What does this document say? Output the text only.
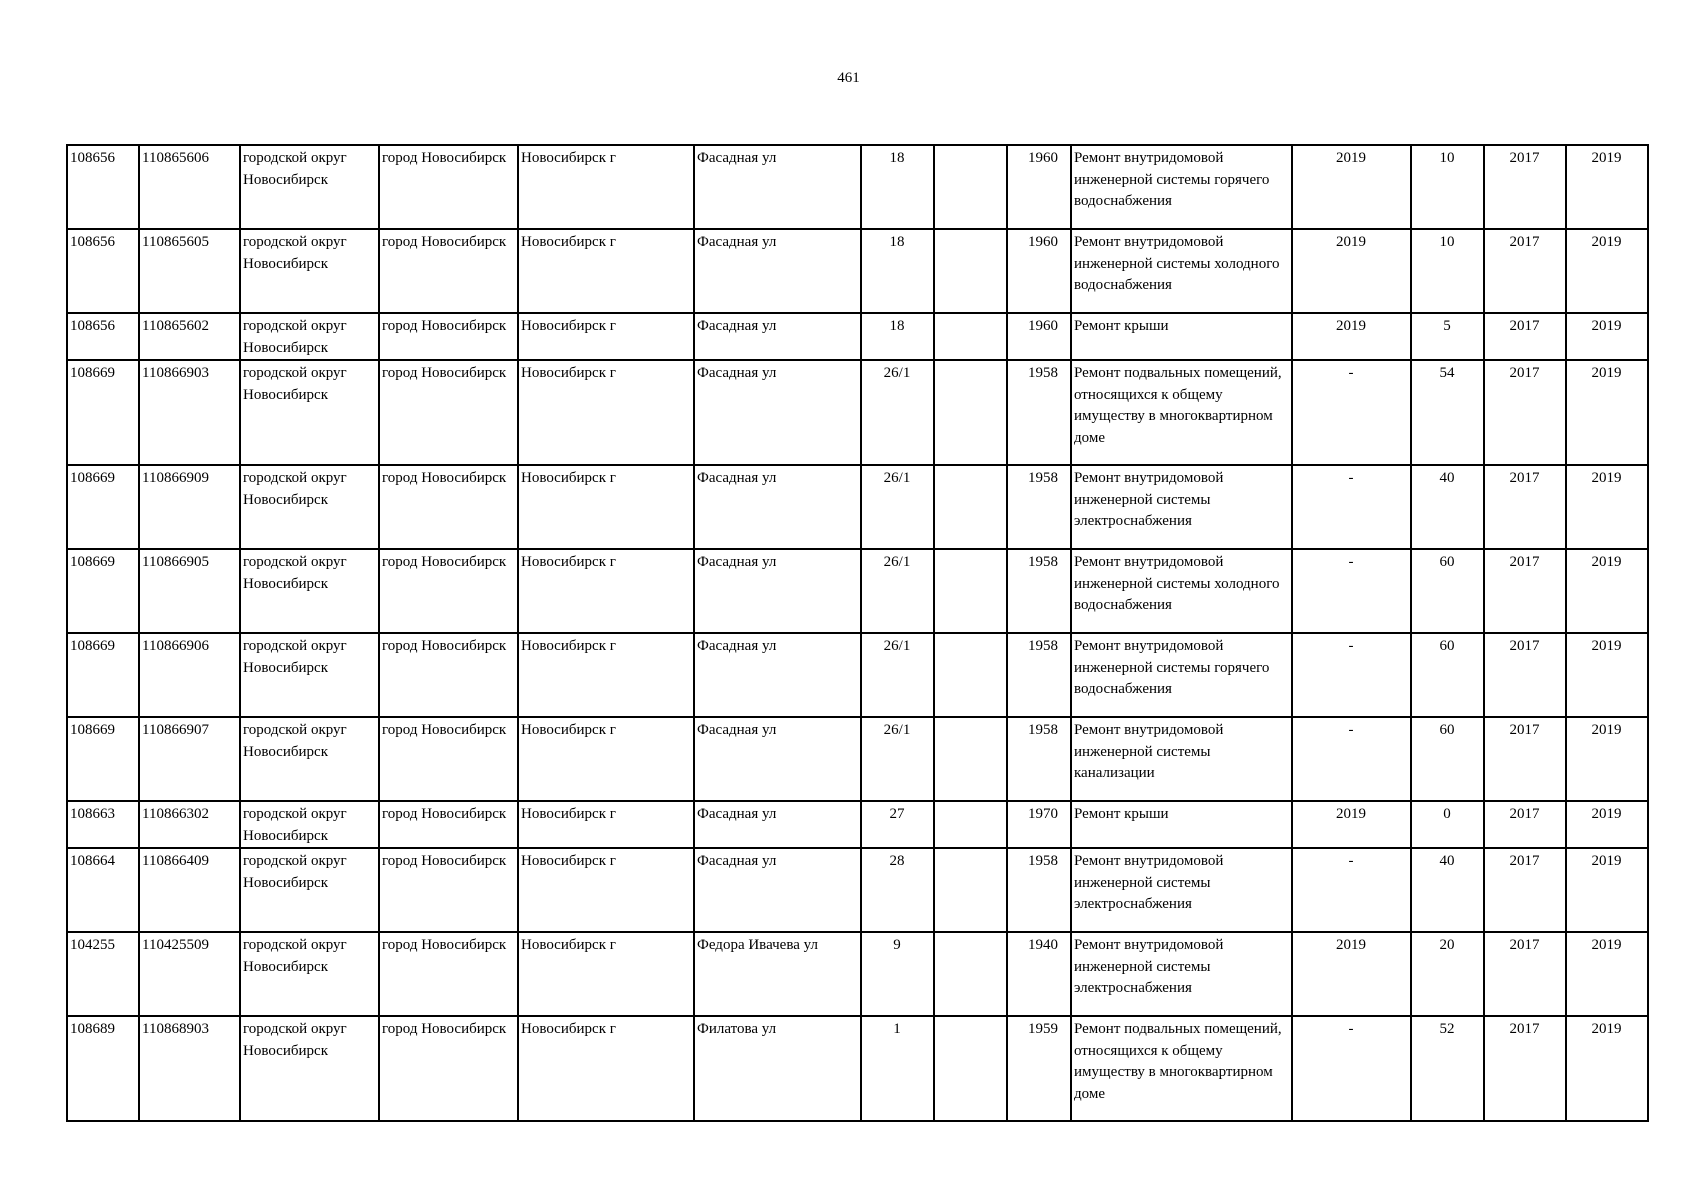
461
108656	110865606	городской округ Новосибирск	город Новосибирск	Новосибирск г	Фасадная ул	18		1960	Ремонт внутридомовой инженерной системы горячего водоснабжения	2019	10	2017	2019
108656	110865605	городской округ Новосибирск	город Новосибирск	Новосибирск г	Фасадная ул	18		1960	Ремонт внутридомовой инженерной системы холодного водоснабжения	2019	10	2017	2019
108656	110865602	городской округ Новосибирск	город Новосибирск	Новосибирск г	Фасадная ул	18		1960	Ремонт крыши	2019	5	2017	2019
108669	110866903	городской округ Новосибирск	город Новосибирск	Новосибирск г	Фасадная ул	26/1		1958	Ремонт подвальных помещений, относящихся к общему имуществу в многоквартирном доме	-	54	2017	2019
108669	110866909	городской округ Новосибирск	город Новосибирск	Новосибирск г	Фасадная ул	26/1		1958	Ремонт внутридомовой инженерной системы электроснабжения	-	40	2017	2019
108669	110866905	городской округ Новосибирск	город Новосибирск	Новосибирск г	Фасадная ул	26/1		1958	Ремонт внутридомовой инженерной системы холодного водоснабжения	-	60	2017	2019
108669	110866906	городской округ Новосибирск	город Новосибирск	Новосибирск г	Фасадная ул	26/1		1958	Ремонт внутридомовой инженерной системы горячего водоснабжения	-	60	2017	2019
108669	110866907	городской округ Новосибирск	город Новосибирск	Новосибирск г	Фасадная ул	26/1		1958	Ремонт внутридомовой инженерной системы канализации	-	60	2017	2019
108663	110866302	городской округ Новосибирск	город Новосибирск	Новосибирск г	Фасадная ул	27		1970	Ремонт крыши	2019	0	2017	2019
108664	110866409	городской округ Новосибирск	город Новосибирск	Новосибирск г	Фасадная ул	28		1958	Ремонт внутридомовой инженерной системы электроснабжения	-	40	2017	2019
104255	110425509	городской округ Новосибирск	город Новосибирск	Новосибирск г	Федора Ивачева ул	9		1940	Ремонт внутридомовой инженерной системы электроснабжения	2019	20	2017	2019
108689	110868903	городской округ Новосибирск	город Новосибирск	Новосибирск г	Филатова ул	1		1959	Ремонт подвальных помещений, относящихся к общему имуществу в многоквартирном доме	-	52	2017	2019
